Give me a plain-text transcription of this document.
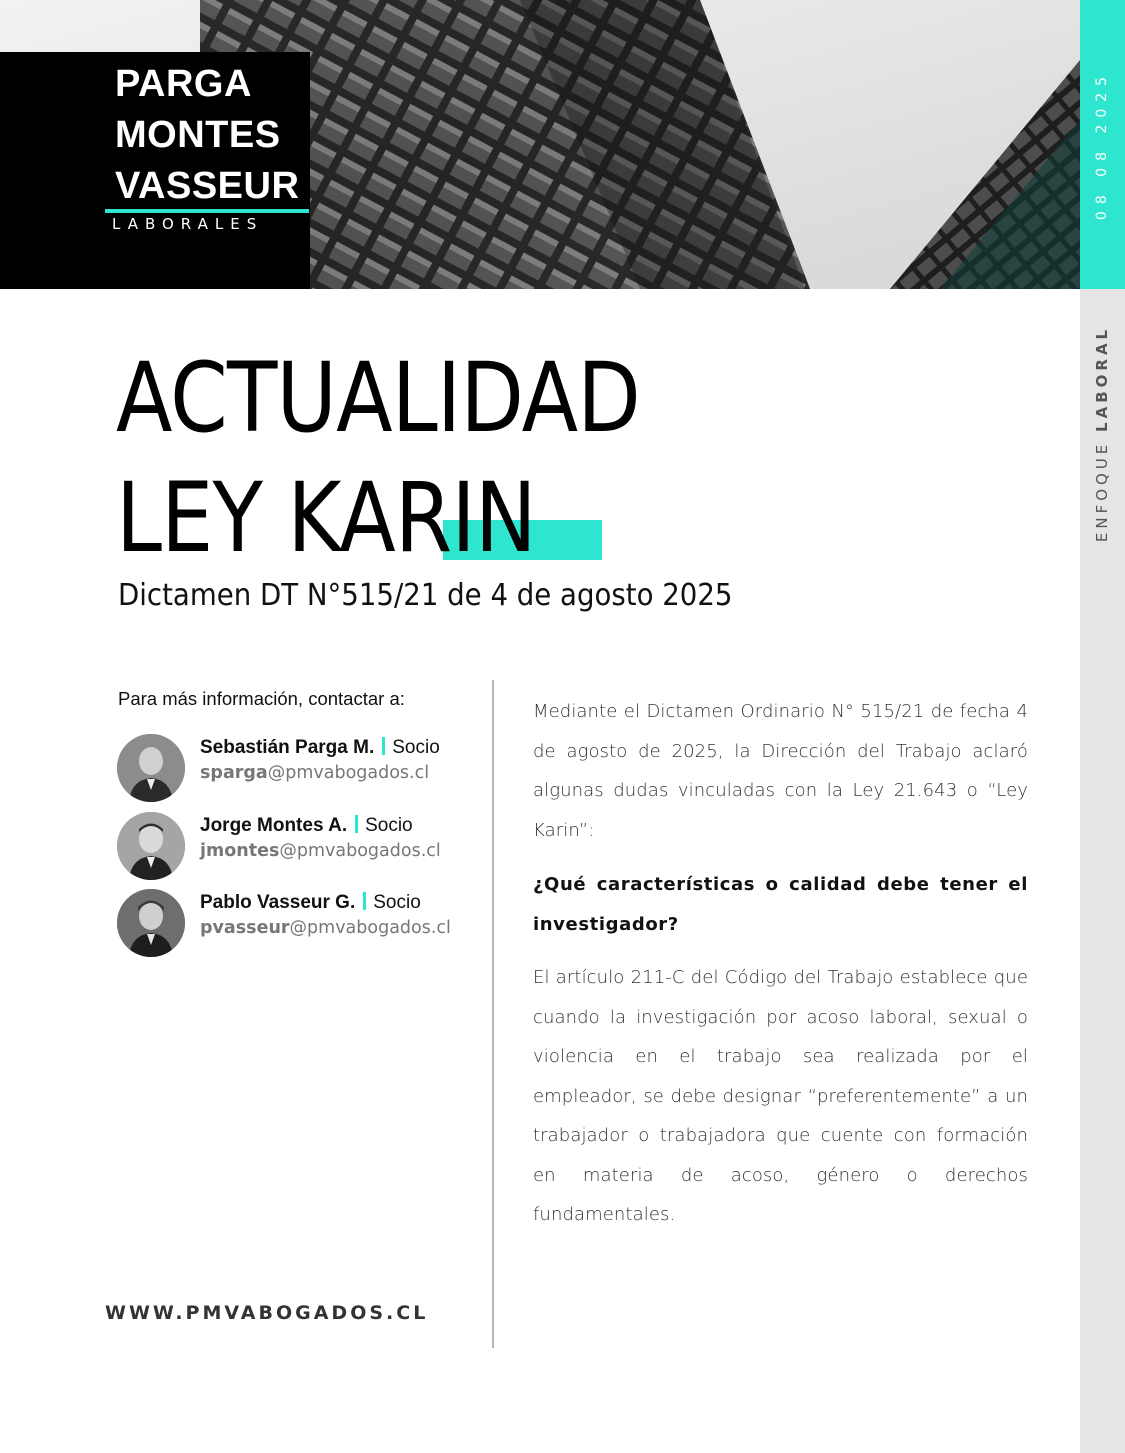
PARGA
MONTES
VASSEUR
LABORALES
08 08 2025
ENFOQUE LABORAL
ACTUALIDAD
LEY KARIN
Dictamen DT N°515/21 de 4 de agosto 2025
Para más información, contactar a:
Sebastián Parga M. Socio
sparga@pmvabogados.cl
Jorge Montes A. Socio
jmontes@pmvabogados.cl
Pablo Vasseur G. Socio
pvasseur@pmvabogados.cl
WWW.PMVABOGADOS.CL

Mediante el Dictamen Ordinario N° 515/21 de fecha 4 de agosto de 2025, la Dirección del Trabajo aclaró algunas dudas vinculadas con la Ley 21.643 o “Ley Karin”:

¿Qué características o calidad debe tener el investigador?

El artículo 211-C del Código del Trabajo establece que cuando la investigación por acoso laboral, sexual o violencia en el trabajo sea realizada por el empleador, se debe designar “preferentemente” a un trabajador o trabajadora que cuente con formación en materia de acoso, género o derechos fundamentales.
